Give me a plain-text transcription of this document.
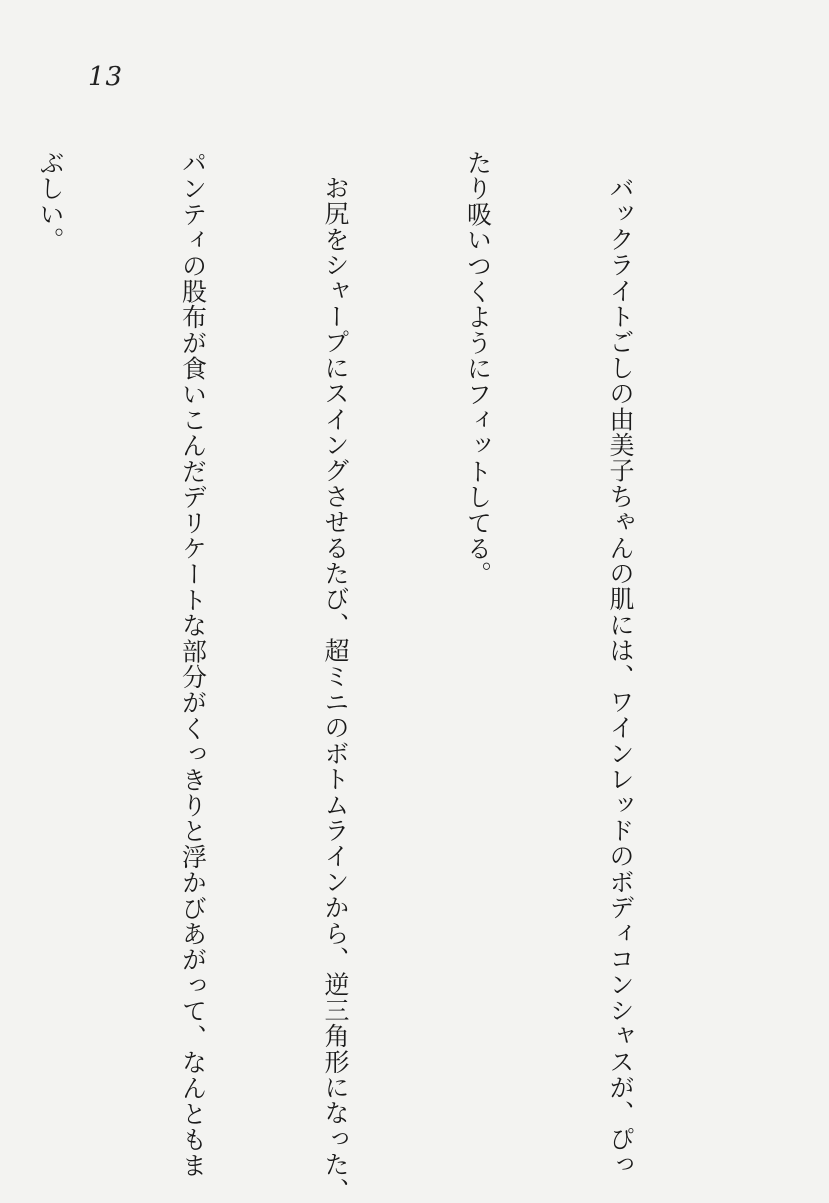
13

バックライトごしの由美子ちゃんの肌には、ワインレッドのボディコンシャスが、ぴっ

たり吸いつくようにフィットしてる。

お尻をシャープにスイングさせるたび、超ミニのボトムラインから、逆三角形になった、

パンティの股布が食いこんだデリケートな部分がくっきりと浮かびあがって、なんともま

ぶしい。
